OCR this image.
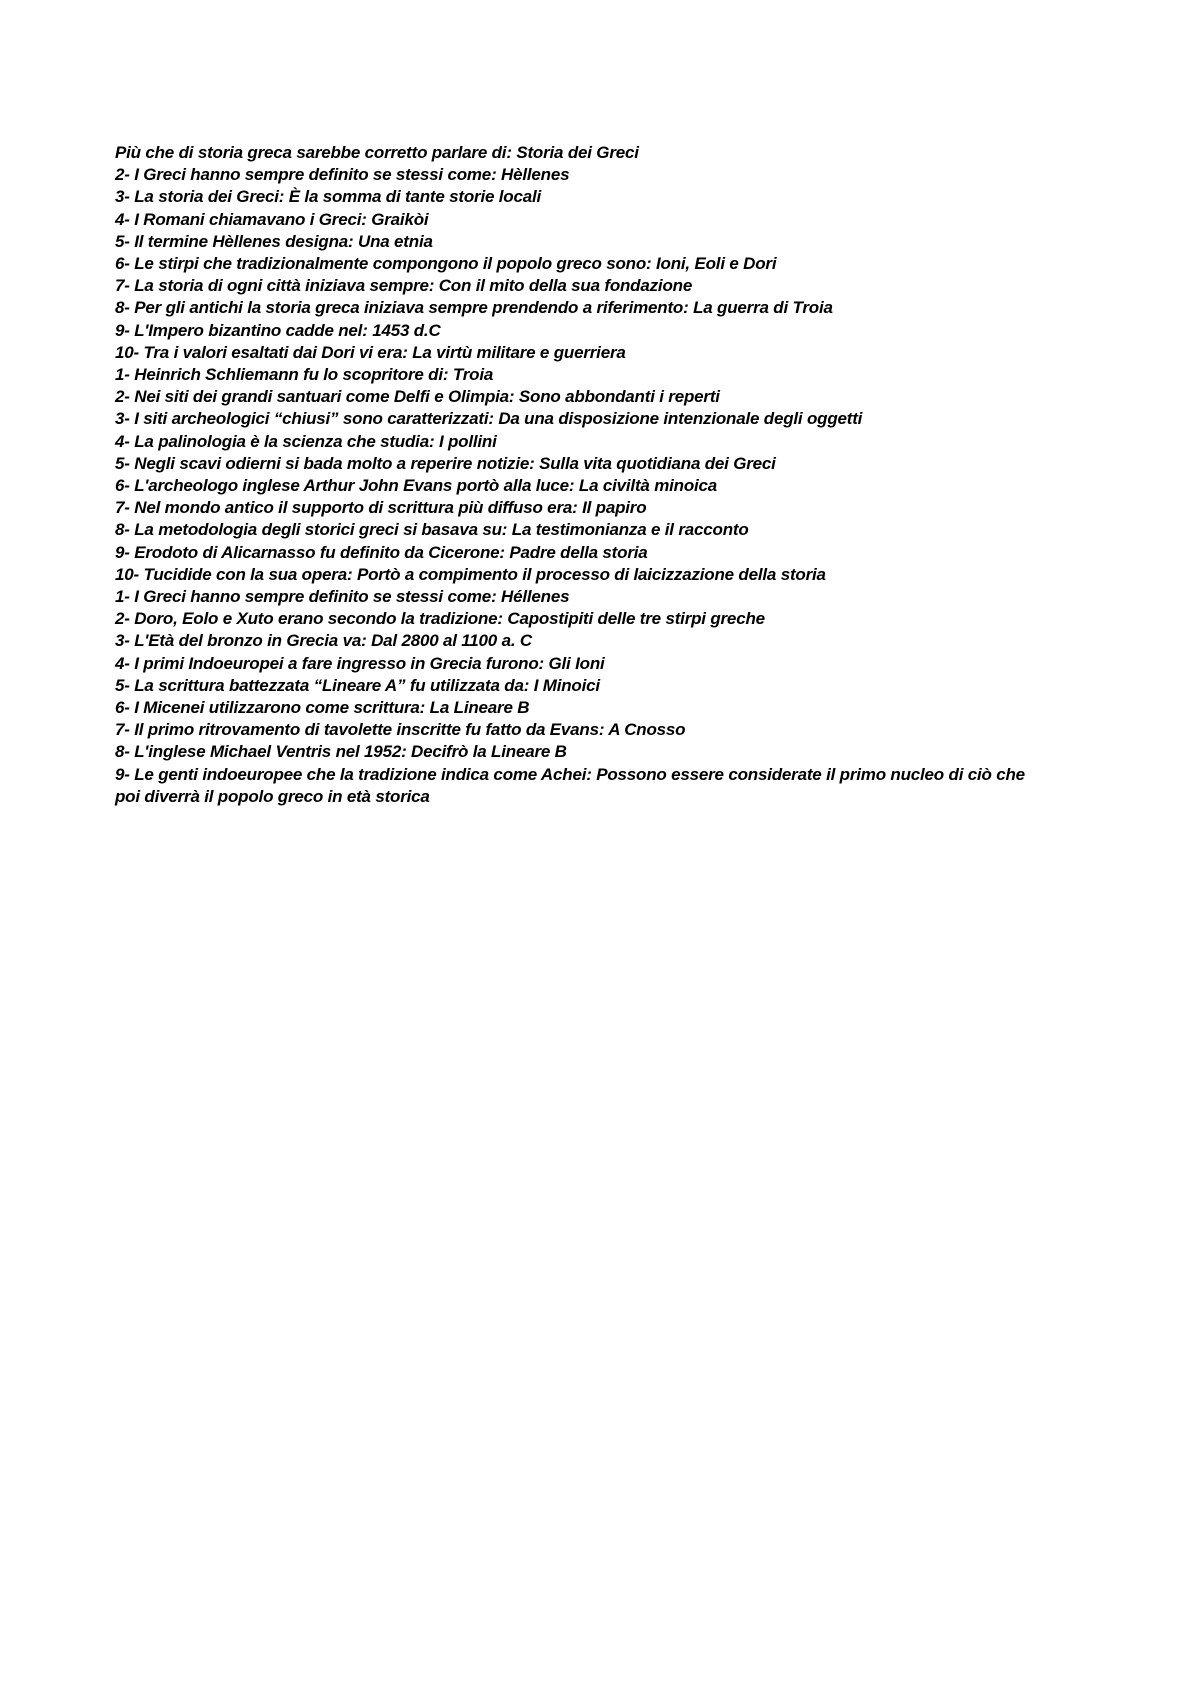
Più che di storia greca sarebbe corretto parlare di: Storia dei Greci
2- I Greci hanno sempre definito se stessi come: Hèllenes
3- La storia dei Greci: È la somma di tante storie locali
4- I Romani chiamavano i Greci: Graikòi
5- Il termine Hèllenes designa: Una etnia
6- Le stirpi che tradizionalmente compongono il popolo greco sono: Ioni, Eoli e Dori
7- La storia di ogni città iniziava sempre: Con il mito della sua fondazione
8- Per gli antichi la storia greca iniziava sempre prendendo a riferimento: La guerra di Troia
9- L'Impero bizantino cadde nel: 1453 d.C
10- Tra i valori esaltati dai Dori vi era: La virtù militare e guerriera
1- Heinrich Schliemann fu lo scopritore di: Troia
2- Nei siti dei grandi santuari come Delfi e Olimpia: Sono abbondanti i reperti
3- I siti archeologici “chiusi” sono caratterizzati: Da una disposizione intenzionale degli oggetti
4- La palinologia è la scienza che studia: I pollini
5- Negli scavi odierni si bada molto a reperire notizie: Sulla vita quotidiana dei Greci
6- L'archeologo inglese Arthur John Evans portò alla luce: La civiltà minoica
7- Nel mondo antico il supporto di scrittura più diffuso era: Il papiro
8- La metodologia degli storici greci si basava su: La testimonianza e il racconto
9- Erodoto di Alicarnasso fu definito da Cicerone: Padre della storia
10- Tucidide con la sua opera: Portò a compimento il processo di laicizzazione della storia
1- I Greci hanno sempre definito se stessi come: Héllenes
2- Doro, Eolo e Xuto erano secondo la tradizione: Capostipiti delle tre stirpi greche
3- L'Età del bronzo in Grecia va: Dal 2800 al 1100 a. C
4- I primi Indoeuropei a fare ingresso in Grecia furono: Gli Ioni
5- La scrittura battezzata “Lineare A” fu utilizzata da: I Minoici
6- I Micenei utilizzarono come scrittura: La Lineare B
7- Il primo ritrovamento di tavolette inscritte fu fatto da Evans: A Cnosso
8- L'inglese Michael Ventris nel 1952: Decifrò la Lineare B
9- Le genti indoeuropee che la tradizione indica come Achei: Possono essere considerate il primo nucleo di ciò che poi diverrà il popolo greco in età storica
